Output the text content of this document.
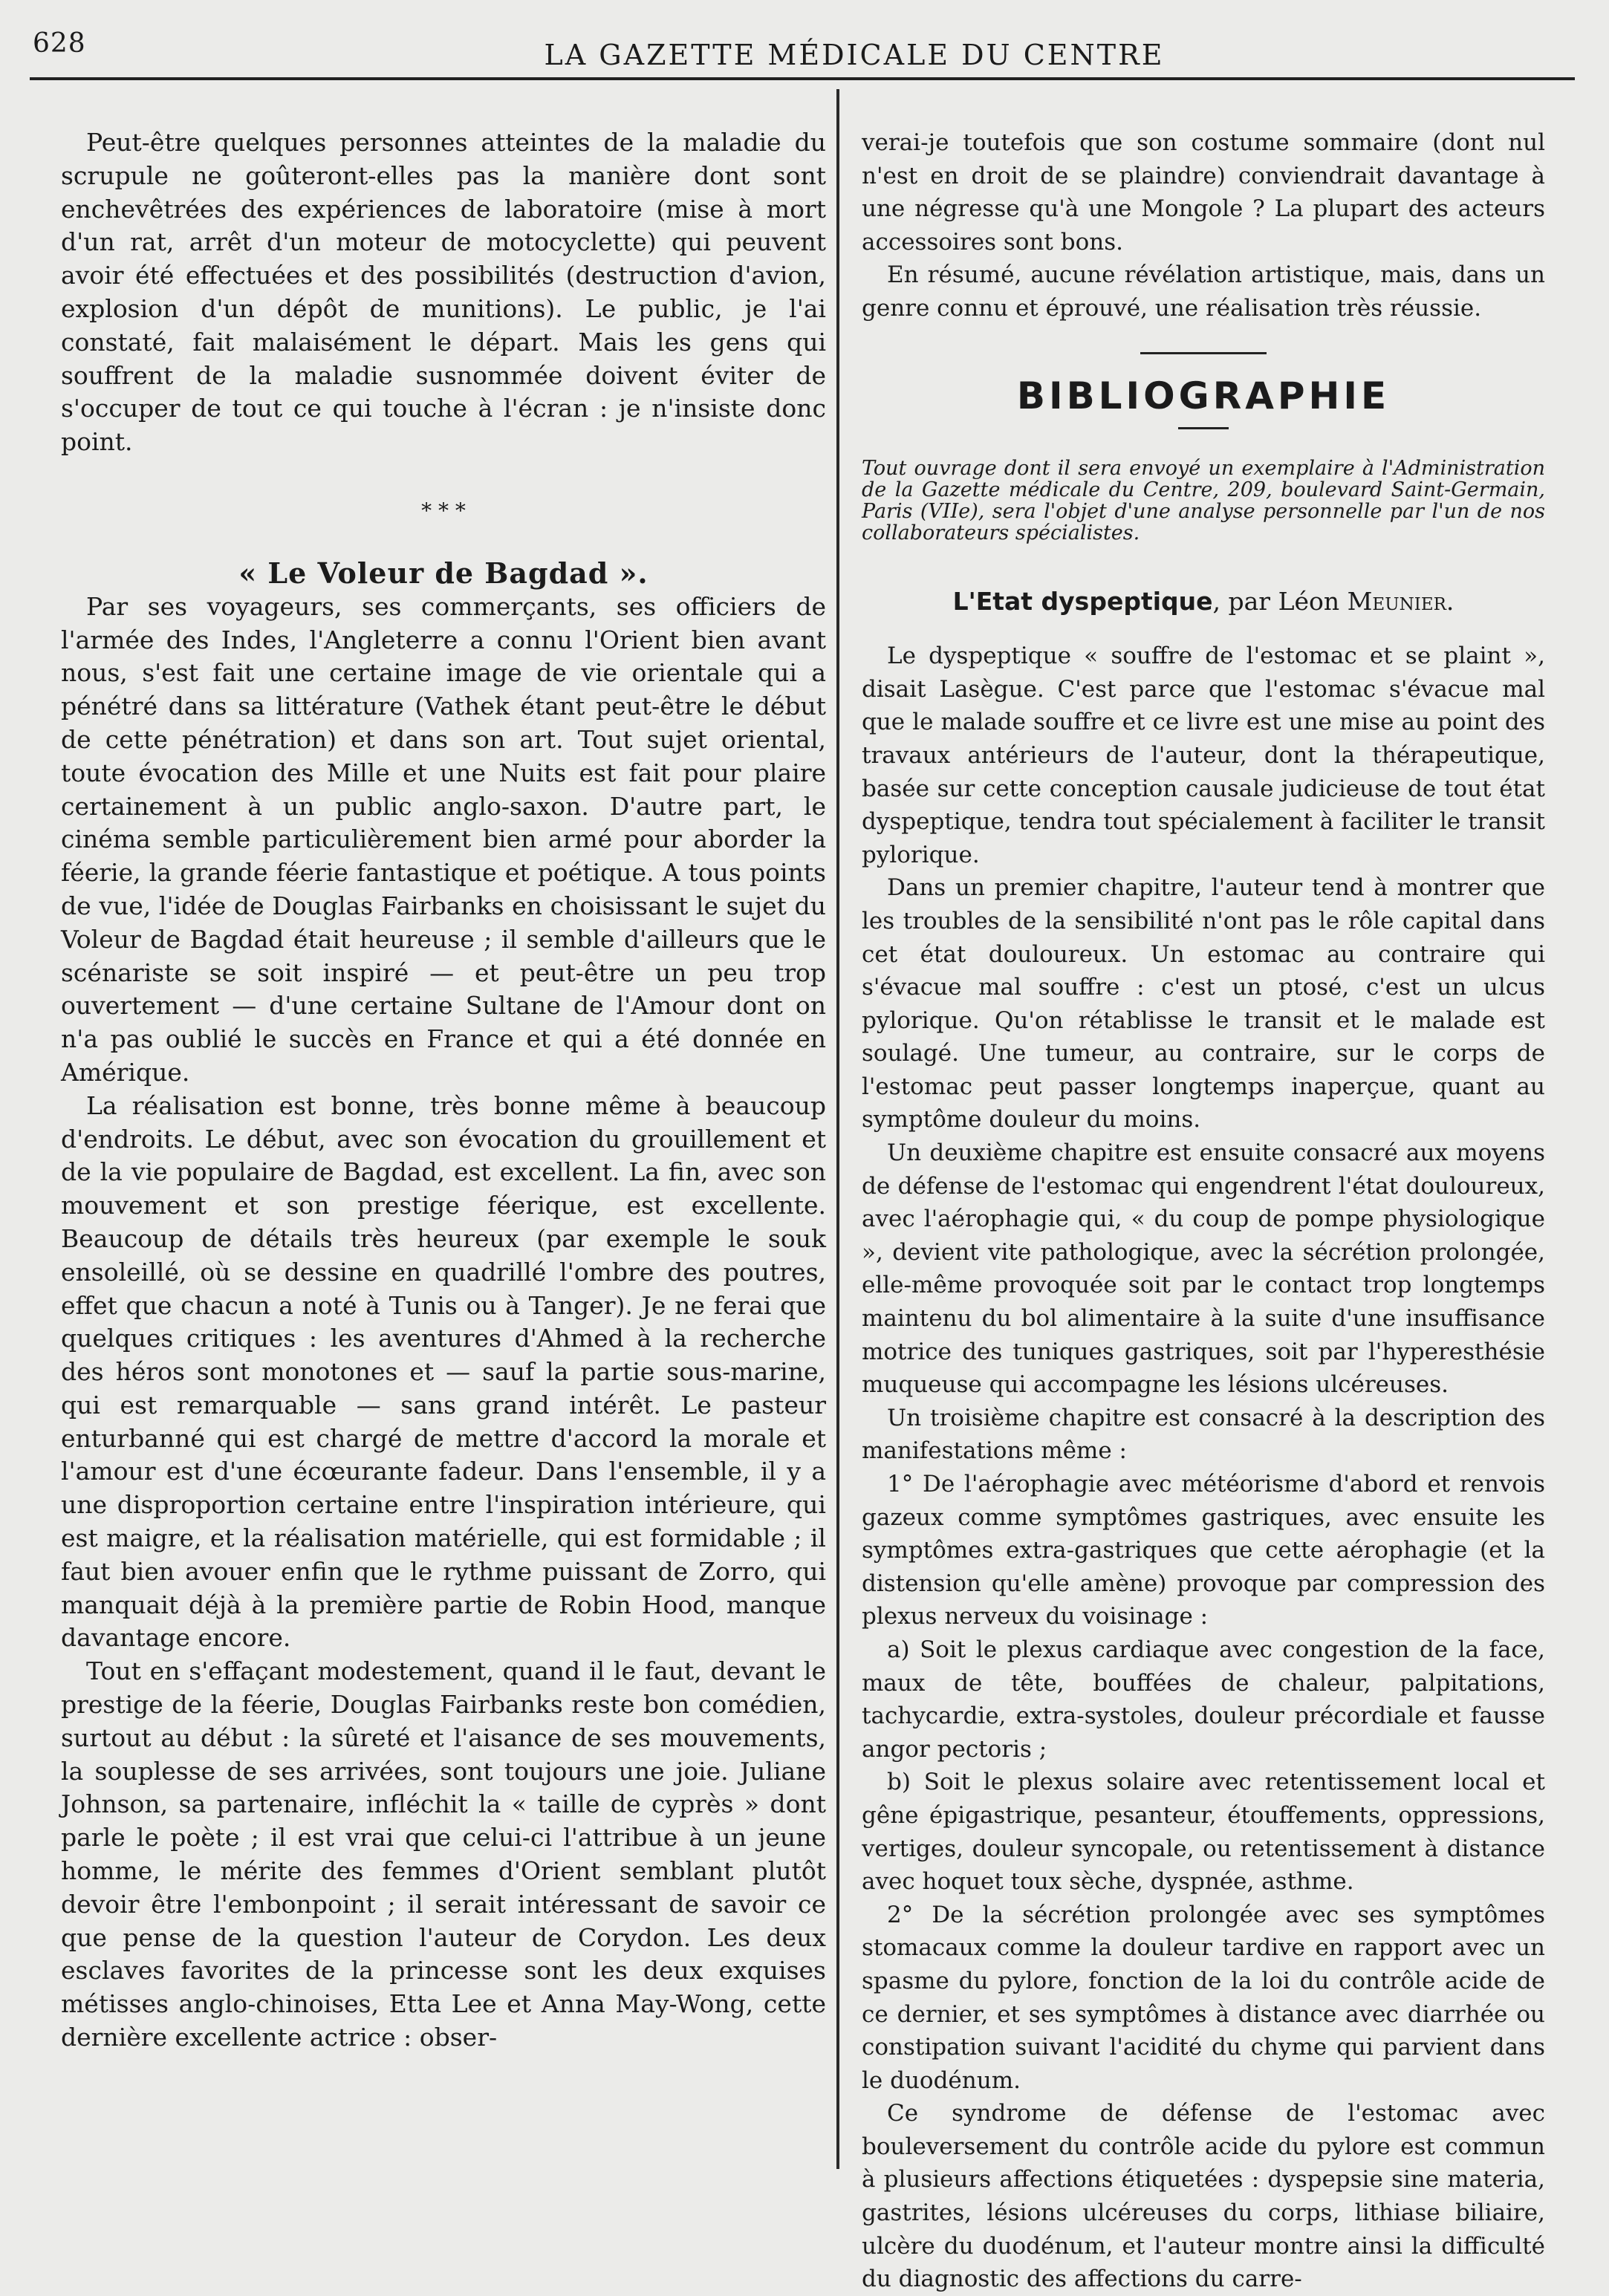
628	LA GAZETTE MÉDICALE DU CENTRE

Peut-être quelques personnes atteintes de la maladie du scrupule ne goûteront-elles pas la manière dont sont enchevêtrées des expériences de laboratoire (mise à mort d'un rat, arrêt d'un moteur de motocyclette) qui peuvent avoir été effectuées et des possibilités (destruction d'avion, explosion d'un dépôt de munitions). Le public, je l'ai constaté, fait malaisément le départ. Mais les gens qui souffrent de la maladie susnommée doivent éviter de s'occuper de tout ce qui touche à l'écran : je n'insiste donc point.

* * *

« Le Voleur de Bagdad ».

Par ses voyageurs, ses commerçants, ses officiers de l'armée des Indes, l'Angleterre a connu l'Orient bien avant nous, s'est fait une certaine image de vie orientale qui a pénétré dans sa littérature (Vathek étant peut-être le début de cette pénétration) et dans son art. Tout sujet oriental, toute évocation des Mille et une Nuits est fait pour plaire certainement à un public anglo-saxon. D'autre part, le cinéma semble particulièrement bien armé pour aborder la féerie, la grande féerie fantastique et poétique. A tous points de vue, l'idée de Douglas Fairbanks en choisissant le sujet du Voleur de Bagdad était heureuse ; il semble d'ailleurs que le scénariste se soit inspiré — et peut-être un peu trop ouvertement — d'une certaine Sultane de l'Amour dont on n'a pas oublié le succès en France et qui a été donnée en Amérique.

La réalisation est bonne, très bonne même à beaucoup d'endroits. Le début, avec son évocation du grouillement et de la vie populaire de Bagdad, est excellent. La fin, avec son mouvement et son prestige féerique, est excellente. Beaucoup de détails très heureux (par exemple le souk ensoleillé, où se dessine en quadrillé l'ombre des poutres, effet que chacun a noté à Tunis ou à Tanger). Je ne ferai que quelques critiques : les aventures d'Ahmed à la recherche des héros sont monotones et — sauf la partie sous-marine, qui est remarquable — sans grand intérêt. Le pasteur enturbanné qui est chargé de mettre d'accord la morale et l'amour est d'une écœurante fadeur. Dans l'ensemble, il y a une disproportion certaine entre l'inspiration intérieure, qui est maigre, et la réalisation matérielle, qui est formidable ; il faut bien avouer enfin que le rythme puissant de Zorro, qui manquait déjà à la première partie de Robin Hood, manque davantage encore.

Tout en s'effaçant modestement, quand il le faut, devant le prestige de la féerie, Douglas Fairbanks reste bon comédien, surtout au début : la sûreté et l'aisance de ses mouvements, la souplesse de ses arrivées, sont toujours une joie. Juliane Johnson, sa partenaire, infléchit la « taille de cyprès » dont parle le poète ; il est vrai que celui-ci l'attribue à un jeune homme, le mérite des femmes d'Orient semblant plutôt devoir être l'embonpoint ; il serait intéressant de savoir ce que pense de la question l'auteur de Corydon. Les deux esclaves favorites de la princesse sont les deux exquises métisses anglo-chinoises, Etta Lee et Anna May-Wong, cette dernière excellente actrice : obser-

verai-je toutefois que son costume sommaire (dont nul n'est en droit de se plaindre) conviendrait davantage à une négresse qu'à une Mongole ? La plupart des acteurs accessoires sont bons.

En résumé, aucune révélation artistique, mais, dans un genre connu et éprouvé, une réalisation très réussie.

BIBLIOGRAPHIE
Tout ouvrage dont il sera envoyé un exemplaire à l'Administration de la Gazette médicale du Centre, 209, boulevard Saint-Germain, Paris (VIIe), sera l'objet d'une analyse personnelle par l'un de nos collaborateurs spécialistes.
L'Etat dyspeptique, par Léon Meunier.

Le dyspeptique « souffre de l'estomac et se plaint », disait Lasègue. C'est parce que l'estomac s'évacue mal que le malade souffre et ce livre est une mise au point des travaux antérieurs de l'auteur, dont la thérapeutique, basée sur cette conception causale judicieuse de tout état dyspeptique, tendra tout spécialement à faciliter le transit pylorique.

Dans un premier chapitre, l'auteur tend à montrer que les troubles de la sensibilité n'ont pas le rôle capital dans cet état douloureux. Un estomac au contraire qui s'évacue mal souffre : c'est un ptosé, c'est un ulcus pylorique. Qu'on rétablisse le transit et le malade est soulagé. Une tumeur, au contraire, sur le corps de l'estomac peut passer longtemps inaperçue, quant au symptôme douleur du moins.

Un deuxième chapitre est ensuite consacré aux moyens de défense de l'estomac qui engendrent l'état douloureux, avec l'aérophagie qui, « du coup de pompe physiologique », devient vite pathologique, avec la sécrétion prolongée, elle-même provoquée soit par le contact trop longtemps maintenu du bol alimentaire à la suite d'une insuffisance motrice des tuniques gastriques, soit par l'hyperesthésie muqueuse qui accompagne les lésions ulcéreuses.

Un troisième chapitre est consacré à la description des manifestations même :

1° De l'aérophagie avec météorisme d'abord et renvois gazeux comme symptômes gastriques, avec ensuite les symptômes extra-gastriques que cette aérophagie (et la distension qu'elle amène) provoque par compression des plexus nerveux du voisinage :

a) Soit le plexus cardiaque avec congestion de la face, maux de tête, bouffées de chaleur, palpitations, tachycardie, extra-systoles, douleur précordiale et fausse angor pectoris ;

b) Soit le plexus solaire avec retentissement local et gêne épigastrique, pesanteur, étouffements, oppressions, vertiges, douleur syncopale, ou retentissement à distance avec hoquet toux sèche, dyspnée, asthme.

2° De la sécrétion prolongée avec ses symptômes stomacaux comme la douleur tardive en rapport avec un spasme du pylore, fonction de la loi du contrôle acide de ce dernier, et ses symptômes à distance avec diarrhée ou constipation suivant l'acidité du chyme qui parvient dans le duodénum.

Ce syndrome de défense de l'estomac avec bouleversement du contrôle acide du pylore est commun à plusieurs affections étiquetées : dyspepsie sine materia, gastrites, lésions ulcéreuses du corps, lithiase biliaire, ulcère du duodénum, et l'auteur montre ainsi la difficulté du diagnostic des affections du carre-
